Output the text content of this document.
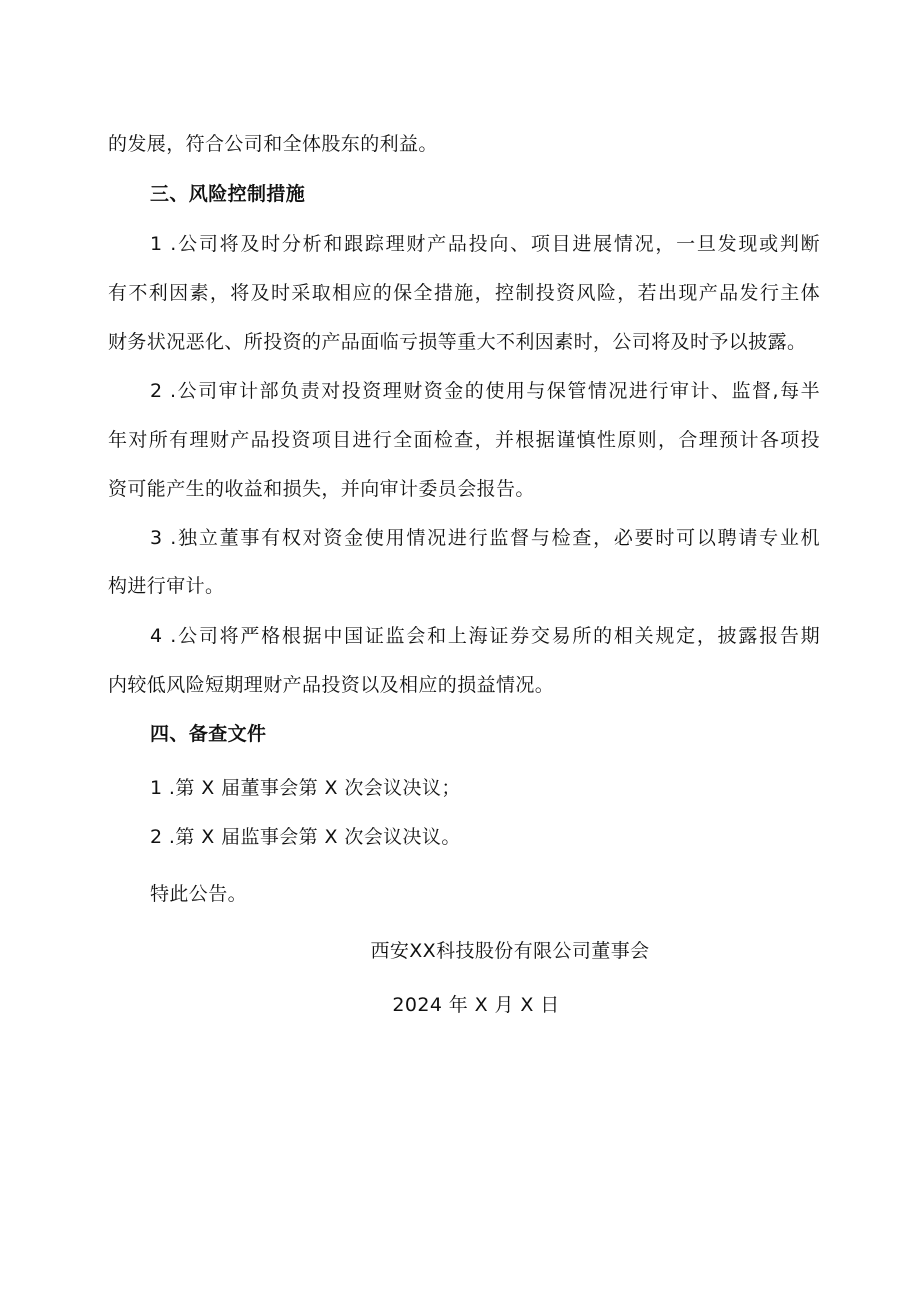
的发展，符合公司和全体股东的利益。
三、风险控制措施
1 .公司将及时分析和跟踪理财产品投向、项目进展情况，一旦发现或判断
有不利因素，将及时采取相应的保全措施，控制投资风险，若出现产品发行主体
财务状况恶化、所投资的产品面临亏损等重大不利因素时，公司将及时予以披露。
2 .公司审计部负责对投资理财资金的使用与保管情况进行审计、监督,每半
年对所有理财产品投资项目进行全面检查，并根据谨慎性原则，合理预计各项投
资可能产生的收益和损失，并向审计委员会报告。
3 .独立董事有权对资金使用情况进行监督与检查，必要时可以聘请专业机
构进行审计。
4 .公司将严格根据中国证监会和上海证券交易所的相关规定，披露报告期
内较低风险短期理财产品投资以及相应的损益情况。
四、备查文件
1 .第 X 届董事会第 X 次会议决议；
2 .第 X 届监事会第 X 次会议决议。
特此公告。
西安XX科技股份有限公司董事会
2024 年 X 月 X 日
